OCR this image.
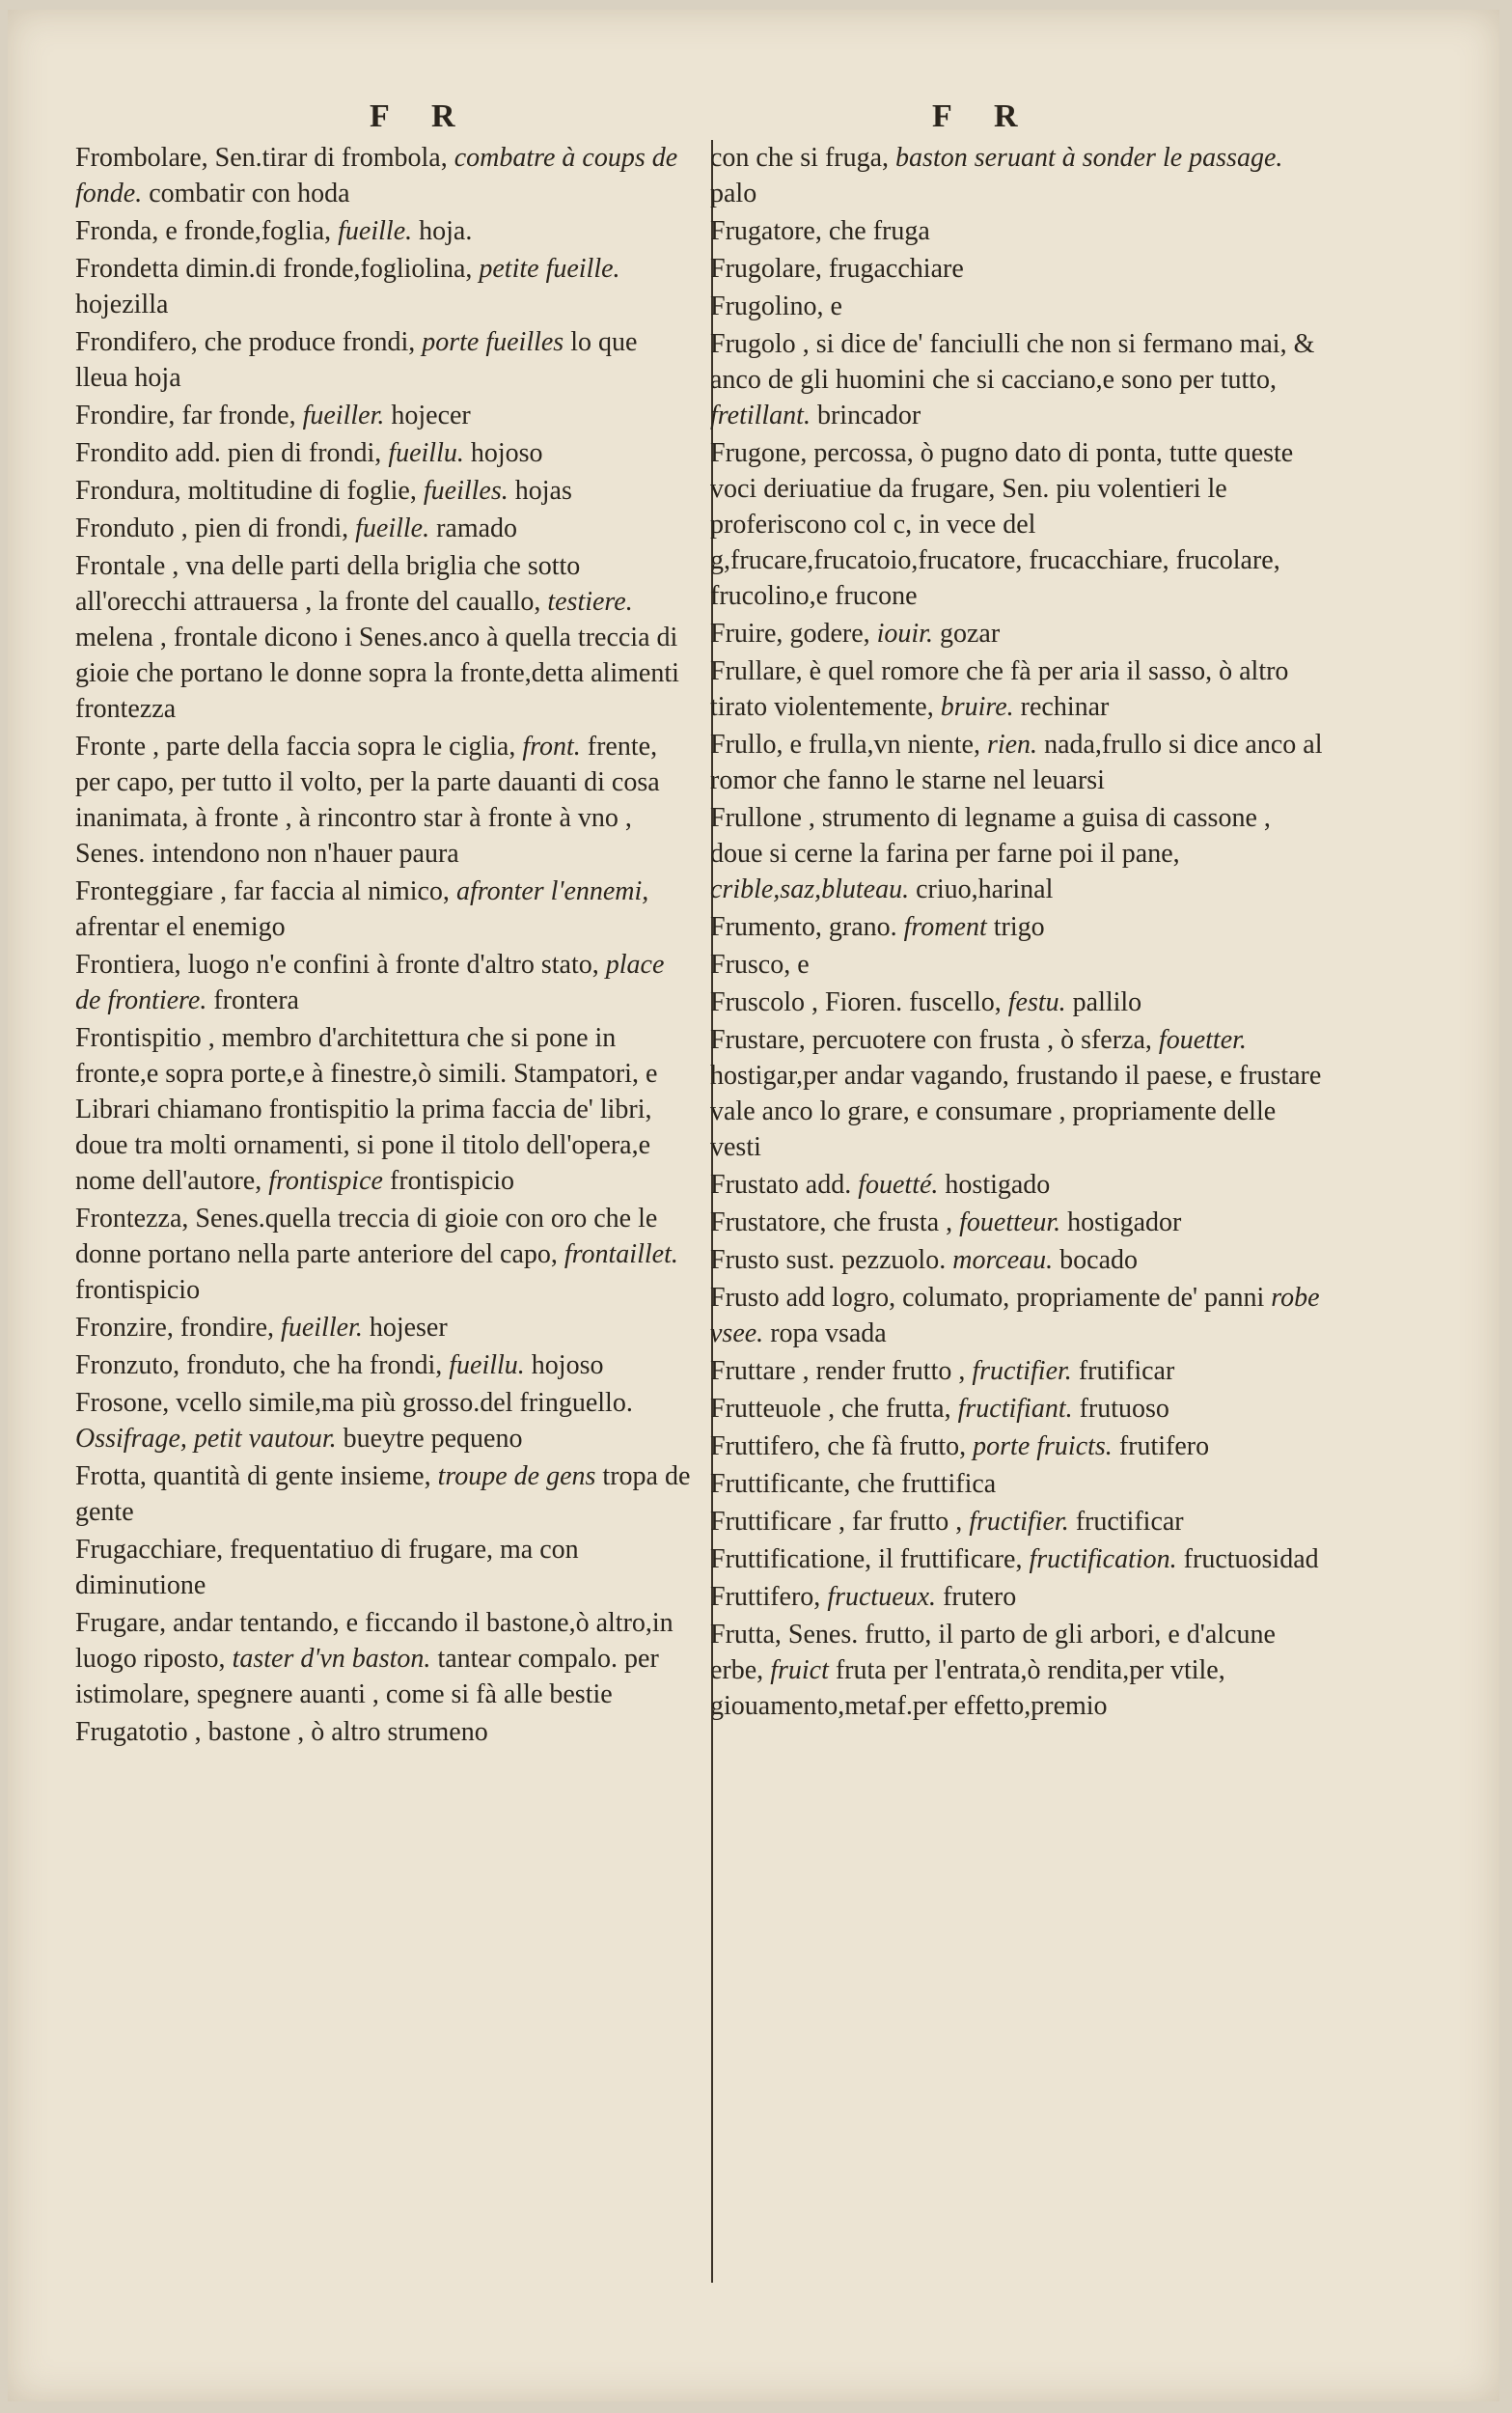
F R	F R
Frombolare, Sen.tirar di frombola, combatre à coups de fonde. combatir con hoda
Fronda, e fronde,foglia, fueille. hoja.
Frondetta dimin.di fronde,fogliolina, petite fueille. hojezilla
Frondifero, che produce frondi, porte fueilles lo que lleua hoja
Frondire, far fronde, fueiller. hojecer
Frondito add. pien di frondi, fueillu. hojoso
Frondura, moltitudine di foglie, fueilles. hojas
Fronduto , pien di frondi, fueille. ramado
Frontale , vna delle parti della briglia che sotto all'orecchi attrauersa , la fronte del cauallo, testiere. melena , frontale dicono i Senes.anco à quella treccia di gioie che portano le donne sopra la fronte,detta alimenti frontezza
Fronte , parte della faccia sopra le ciglia, front. frente, per capo, per tutto il volto, per la parte dauanti di cosa inanimata, à fronte , à rincontro star à fronte à vno , Senes. intendono non n'hauer paura
Fronteggiare , far faccia al nimico, afronter l'ennemi, afrentar el enemigo
Frontiera, luogo n'e confini à fronte d'altro stato, place de frontiere. frontera
Frontispitio , membro d'architettura che si pone in fronte,e sopra porte,e à finestre,ò simili. Stampatori, e Librari chiamano frontispitio la prima faccia de' libri, doue tra molti ornamenti, si pone il titolo dell'opera,e nome dell'autore, frontispice frontispicio
Frontezza, Senes.quella treccia di gioie con oro che le donne portano nella parte anteriore del capo, frontaillet. frontispicio
Fronzire, frondire, fueiller. hojeser
Fronzuto, fronduto, che ha frondi, fueillu. hojoso
Frosone, vcello simile,ma più grosso.del fringuello. Ossifrage, petit vautour. bueytre pequeno
Frotta, quantità di gente insieme, troupe de gens tropa de gente
Frugacchiare, frequentatiuo di frugare, ma con diminutione
Frugare, andar tentando, e ficcando il bastone,ò altro,in luogo riposto, taster d'vn baston. tantear compalo. per istimolare, spegnere auanti , come si fà alle bestie
Frugatotio , bastone , ò altro strumeno
con che si fruga, baston seruant à sonder le passage. palo
Frugatore, che fruga
Frugolare, frugacchiare
Frugolino, e
Frugolo , si dice de' fanciulli che non si fermano mai, & anco de gli huomini che si cacciano,e sono per tutto, fretillant. brincador
Frugone, percossa, ò pugno dato di ponta, tutte queste voci deriuatiue da frugare, Sen. piu volentieri le proferiscono col c, in vece del g,frucare,frucatoio,frucatore, frucacchiare, frucolare, frucolino,e frucone
Fruire, godere, iouir. gozar
Frullare, è quel romore che fà per aria il sasso, ò altro tirato violentemente, bruire. rechinar
Frullo, e frulla,vn niente, rien. nada,frullo si dice anco al romor che fanno le starne nel leuarsi
Frullone , strumento di legname a guisa di cassone , doue si cerne la farina per farne poi il pane, crible,saz,bluteau. criuo,harinal
Frumento, grano. froment trigo
Frusco, e
Fruscolo , Fioren. fuscello, festu. pallilo
Frustare, percuotere con frusta , ò sferza, fouetter. hostigar,per andar vagando, frustando il paese, e frustare vale anco lo grare, e consumare , propriamente delle vesti
Frustato add. fouetté. hostigado
Frustatore, che frusta , fouetteur. hostigador
Frusto sust. pezzuolo. morceau. bocado
Frusto add logro, columato, propriamente de' panni robe vsee. ropa vsada
Fruttare , render frutto , fructifier. frutificar
Frutteuole , che frutta, fructifiant. frutuoso
Fruttifero, che fà frutto, porte fruicts. frutifero
Fruttificante, che fruttifica
Fruttificare , far frutto , fructifier. fructificar
Fruttificatione, il fruttificare, fructification. fructuosidad
Fruttifero, fructueux. frutero
Frutta, Senes. frutto, il parto de gli arbori, e d'alcune erbe, fruict fruta per l'entrata,ò rendita,per vtile, giouamento,metaf.per effetto,premio
